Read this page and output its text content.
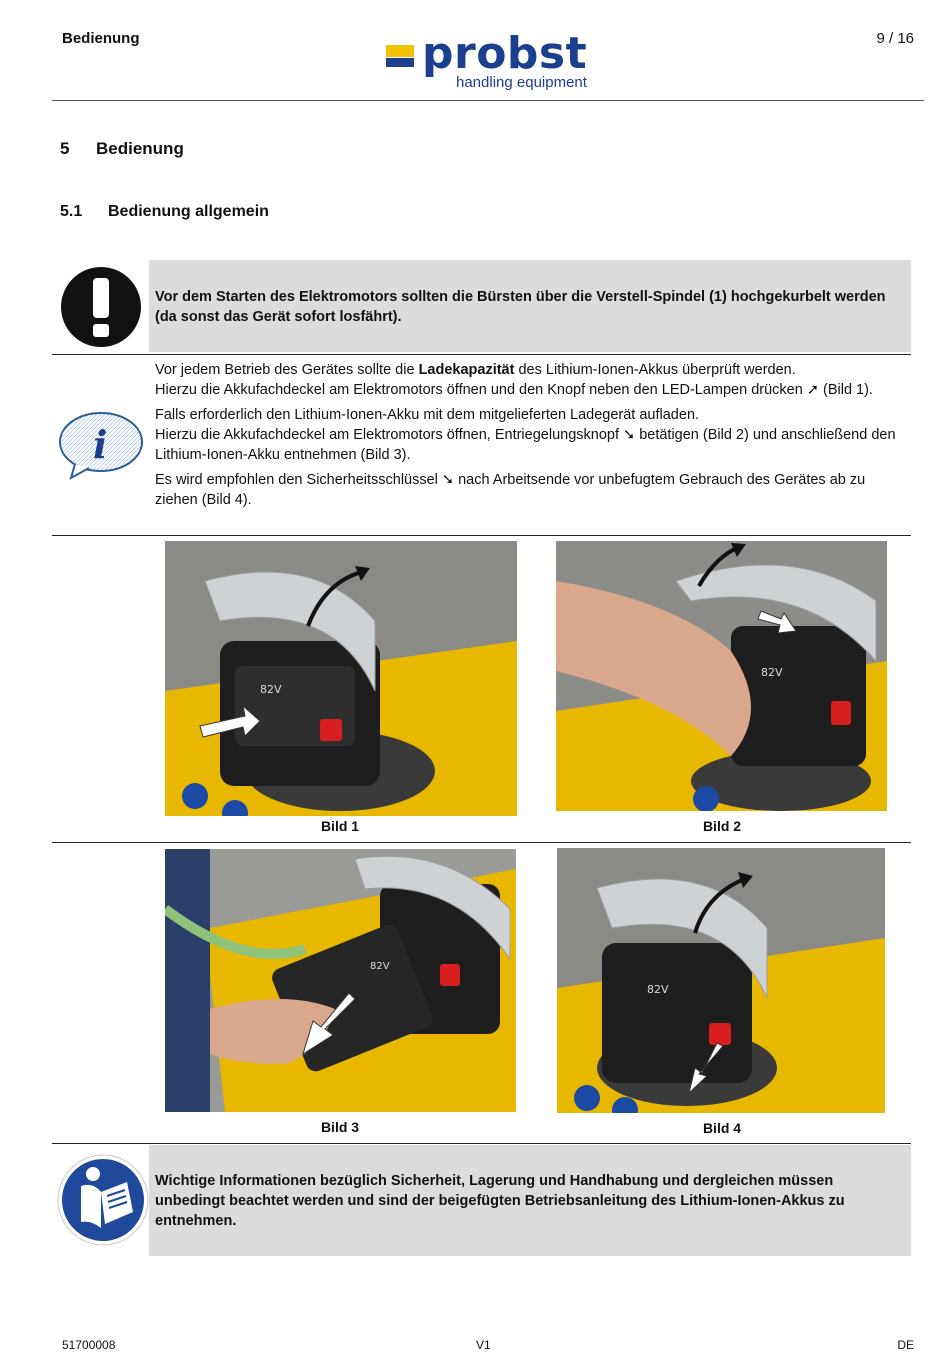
Bedienung	probst
handling equipment
9 / 16
5 Bedienung
5.1 Bedienung allgemein
Vor dem Starten des Elektromotors sollten die Bürsten über die Verstell-Spindel (1) hochgekurbelt werden (da sonst das Gerät sofort losfährt).
i

Vor jedem Betrieb des Gerätes sollte die Ladekapazität des Lithium-Ionen-Akkus überprüft werden.
Hierzu die Akkufachdeckel am Elektromotors öffnen und den Knopf neben den LED-Lampen drücken ➚ (Bild 1).

Falls erforderlich den Lithium-Ionen-Akku mit dem mitgelieferten Ladegerät aufladen.
Hierzu die Akkufachdeckel am Elektromotors öffnen, Entriegelungsknopf ➘ betätigen (Bild 2) und anschließend den Lithium-Ionen-Akku entnehmen (Bild 3).

Es wird empfohlen den Sicherheitsschlüssel ➘ nach Arbeitsende vor unbefugtem Gebrauch des Gerätes ab zu ziehen (Bild 4).

82V
Bild 1
82V
Bild 2
82V
Bild 3
82V
Bild 4
Wichtige Informationen bezüglich Sicherheit, Lagerung und Handhabung und dergleichen müssen unbedingt beachtet werden und sind der beigefügten Betriebsanleitung des Lithium-Ionen-Akkus zu entnehmen.
51700008	V1	DE
